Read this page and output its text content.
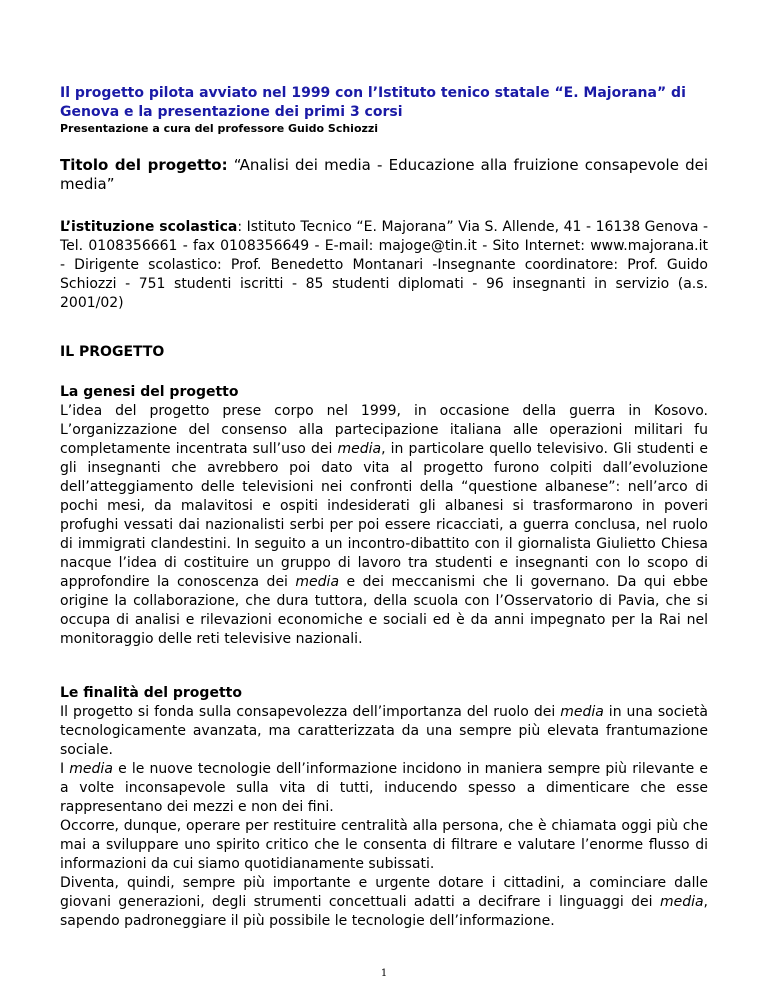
Il progetto pilota avviato nel 1999 con l’Istituto tenico statale “E. Majorana” di Genova e la presentazione dei primi 3 corsi

Presentazione a cura del professore Guido Schiozzi

Titolo del progetto: “Analisi dei media - Educazione alla fruizione consapevole dei media”

L’istituzione scolastica: Istituto Tecnico “E. Majorana” Via S. Allende, 41 - 16138 Genova - Tel. 0108356661 - fax 0108356649 - E-mail: majoge@tin.it - Sito Internet: www.majorana.it - Dirigente scolastico: Prof. Benedetto Montanari -Insegnante coordinatore: Prof. Guido Schiozzi - 751 studenti iscritti - 85 studenti diplomati - 96 insegnanti in servizio (a.s. 2001/02)

IL PROGETTO

La genesi del progetto

L’idea del progetto prese corpo nel 1999, in occasione della guerra in Kosovo. L’organizzazione del consenso alla partecipazione italiana alle operazioni militari fu completamente incentrata sull’uso dei media, in particolare quello televisivo. Gli studenti e gli insegnanti che avrebbero poi dato vita al progetto furono colpiti dall’evoluzione dell’atteggiamento delle televisioni nei confronti della “questione albanese”: nell’arco di pochi mesi, da malavitosi e ospiti indesiderati gli albanesi si trasformarono in poveri profughi vessati dai nazionalisti serbi per poi essere ricacciati, a guerra conclusa, nel ruolo di immigrati clandestini. In seguito a un incontro-dibattito con il giornalista Giulietto Chiesa nacque l’idea di costituire un gruppo di lavoro tra studenti e insegnanti con lo scopo di approfondire la conoscenza dei media e dei meccanismi che li governano. Da qui ebbe origine la collaborazione, che dura tuttora, della scuola con l’Osservatorio di Pavia, che si occupa di analisi e rilevazioni economiche e sociali ed è da anni impegnato per la Rai nel monitoraggio delle reti televisive nazionali.

Le finalità del progetto

Il progetto si fonda sulla consapevolezza dell’importanza del ruolo dei media in una società tecnologicamente avanzata, ma caratterizzata da una sempre più elevata frantumazione sociale.

I media e le nuove tecnologie dell’informazione incidono in maniera sempre più rilevante e a volte inconsapevole sulla vita di tutti, inducendo spesso a dimenticare che esse rappresentano dei mezzi e non dei fini.

Occorre, dunque, operare per restituire centralità alla persona, che è chiamata oggi più che mai a sviluppare uno spirito critico che le consenta di filtrare e valutare l’enorme flusso di informazioni da cui siamo quotidianamente subissati.

Diventa, quindi, sempre più importante e urgente dotare i cittadini, a cominciare dalle giovani generazioni, degli strumenti concettuali adatti a decifrare i linguaggi dei media, sapendo padroneggiare il più possibile le tecnologie dell’informazione.

1
